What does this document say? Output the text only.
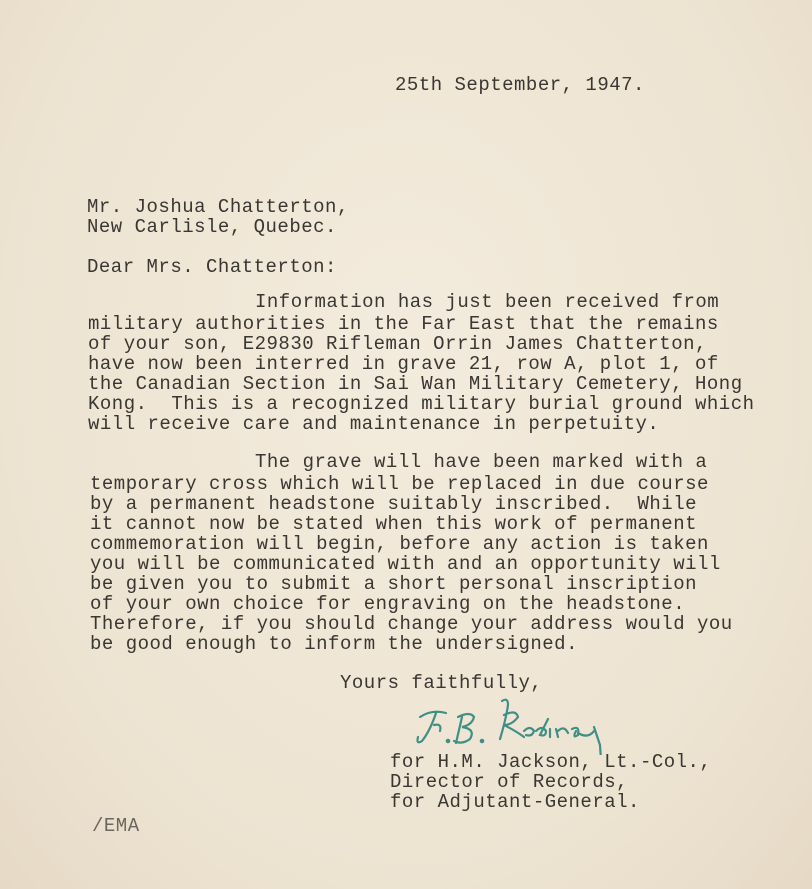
25th September, 1947.
Mr. Joshua Chatterton,
New Carlisle, Quebec.
Dear Mrs. Chatterton:
Information has just been received from
military authorities in the Far East that the remains
of your son, E29830 Rifleman Orrin James Chatterton,
have now been interred in grave 21, row A, plot 1, of
the Canadian Section in Sai Wan Military Cemetery, Hong
Kong.  This is a recognized military burial ground which
will receive care and maintenance in perpetuity.
The grave will have been marked with a
temporary cross which will be replaced in due course
by a permanent headstone suitably inscribed.  While
it cannot now be stated when this work of permanent
commemoration will begin, before any action is taken
you will be communicated with and an opportunity will
be given you to submit a short personal inscription
of your own choice for engraving on the headstone.
Therefore, if you should change your address would you
be good enough to inform the undersigned.
Yours faithfully,
for H.M. Jackson, Lt.-Col.,
Director of Records,
for Adjutant-General.
/EMA
